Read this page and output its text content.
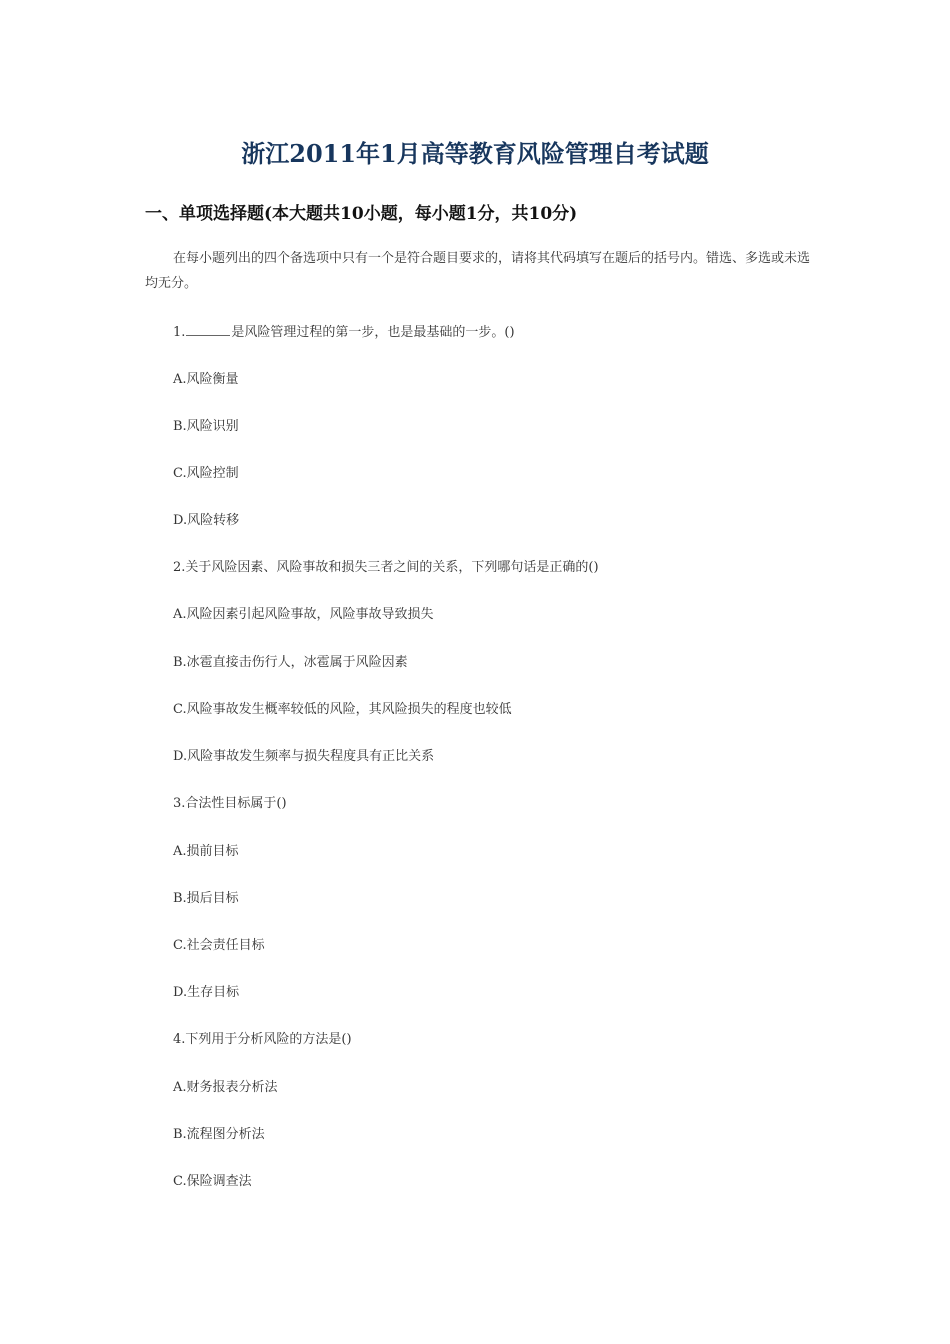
浙江2011年1月高等教育风险管理自考试题
一、单项选择题(本大题共10小题，每小题1分，共10分)

在每小题列出的四个备选项中只有一个是符合题目要求的，请将其代码填写在题后的括号内。错选、多选或未选均无分。

1.	是风险管理过程的第一步，也是最基础的一步。()
A.风险衡量
B.风险识别
C.风险控制
D.风险转移
2.关于风险因素、风险事故和损失三者之间的关系，下列哪句话是正确的()
A.风险因素引起风险事故，风险事故导致损失
B.冰雹直接击伤行人，冰雹属于风险因素
C.风险事故发生概率较低的风险，其风险损失的程度也较低
D.风险事故发生频率与损失程度具有正比关系
3.合法性目标属于()
A.损前目标
B.损后目标
C.社会责任目标
D.生存目标
4.下列用于分析风险的方法是()
A.财务报表分析法
B.流程图分析法
C.保险调查法
